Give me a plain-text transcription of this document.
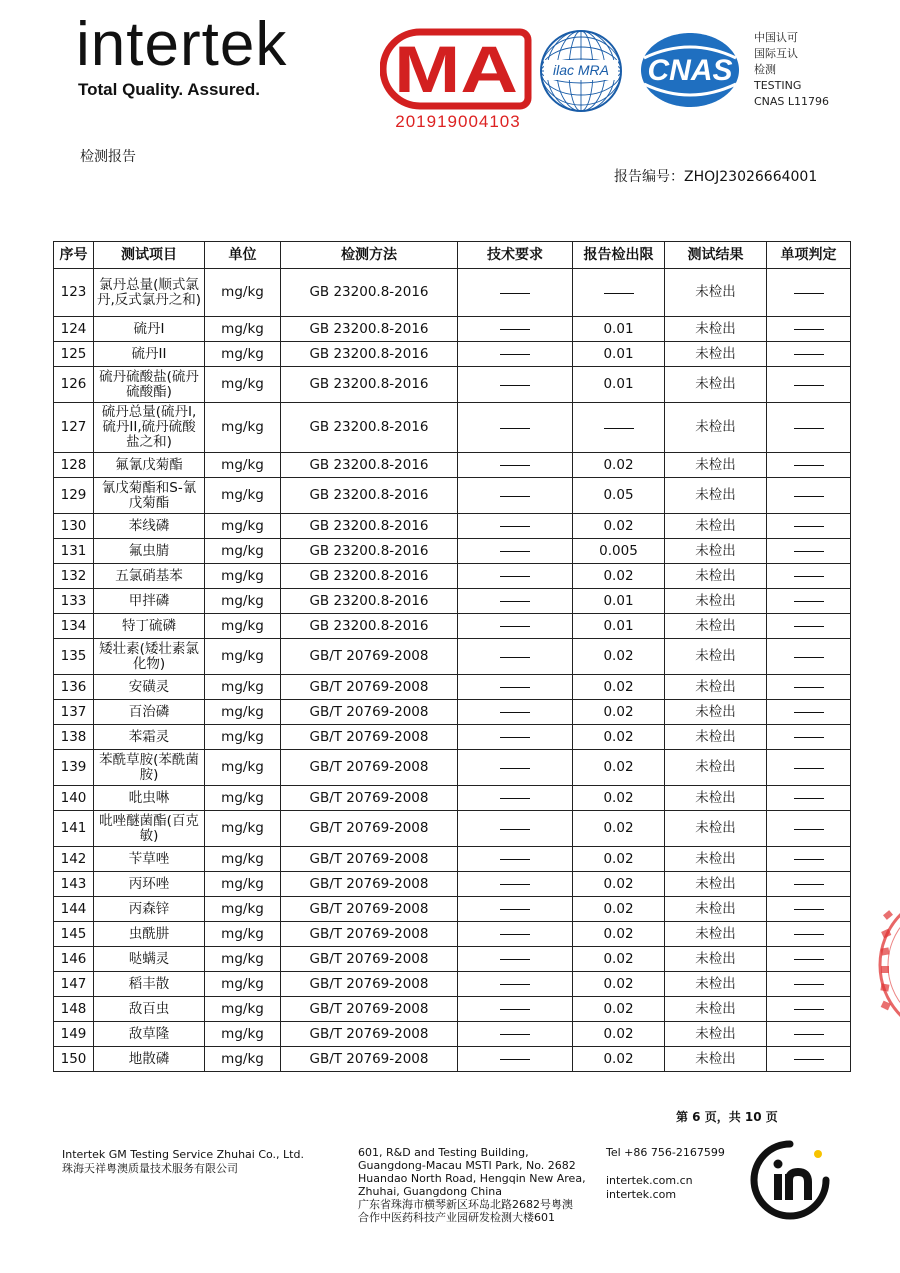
intertek
Total Quality. Assured. MA
201919004103
ilac MRA CNAS
中国认可
国际互认
检测
TESTING
CNAS L11796
检测报告
报告编号：ZHOJ23026664001
序号	测试项目	单位	检测方法	技术要求	报告检出限	测试结果	单项判定
123	氯丹总量(顺式氯丹,反式氯丹之和)	mg/kg	GB 23200.8-2016			未检出	
124	硫丹I	mg/kg	GB 23200.8-2016		0.01	未检出	
125	硫丹II	mg/kg	GB 23200.8-2016		0.01	未检出	
126	硫丹硫酸盐(硫丹硫酸酯)	mg/kg	GB 23200.8-2016		0.01	未检出	
127	硫丹总量(硫丹I,硫丹II,硫丹硫酸盐之和)	mg/kg	GB 23200.8-2016			未检出	
128	氟氰戊菊酯	mg/kg	GB 23200.8-2016		0.02	未检出	
129	氰戊菊酯和S-氰戊菊酯	mg/kg	GB 23200.8-2016		0.05	未检出	
130	苯线磷	mg/kg	GB 23200.8-2016		0.02	未检出	
131	氟虫腈	mg/kg	GB 23200.8-2016		0.005	未检出	
132	五氯硝基苯	mg/kg	GB 23200.8-2016		0.02	未检出	
133	甲拌磷	mg/kg	GB 23200.8-2016		0.01	未检出	
134	特丁硫磷	mg/kg	GB 23200.8-2016		0.01	未检出	
135	矮壮素(矮壮素氯化物)	mg/kg	GB/T 20769-2008		0.02	未检出	
136	安磺灵	mg/kg	GB/T 20769-2008		0.02	未检出	
137	百治磷	mg/kg	GB/T 20769-2008		0.02	未检出	
138	苯霜灵	mg/kg	GB/T 20769-2008		0.02	未检出	
139	苯酰草胺(苯酰菌胺)	mg/kg	GB/T 20769-2008		0.02	未检出	
140	吡虫啉	mg/kg	GB/T 20769-2008		0.02	未检出	
141	吡唑醚菌酯(百克敏)	mg/kg	GB/T 20769-2008		0.02	未检出	
142	苄草唑	mg/kg	GB/T 20769-2008		0.02	未检出	
143	丙环唑	mg/kg	GB/T 20769-2008		0.02	未检出	
144	丙森锌	mg/kg	GB/T 20769-2008		0.02	未检出	
145	虫酰肼	mg/kg	GB/T 20769-2008		0.02	未检出	
146	哒螨灵	mg/kg	GB/T 20769-2008		0.02	未检出	
147	稻丰散	mg/kg	GB/T 20769-2008		0.02	未检出	
148	敌百虫	mg/kg	GB/T 20769-2008		0.02	未检出	
149	敌草隆	mg/kg	GB/T 20769-2008		0.02	未检出	
150	地散磷	mg/kg	GB/T 20769-2008		0.02	未检出	
第 6 页，共 10 页
Intertek GM Testing Service Zhuhai Co., Ltd.
珠海天祥粤澳质量技术服务有限公司
601, R&D and Testing Building,
Guangdong-Macau MSTI Park, No. 2682
Huandao North Road, Hengqin New Area,
Zhuhai, Guangdong China
广东省珠海市横琴新区环岛北路2682号粤澳
合作中医药科技产业园研发检测大楼601
Tel +86 756-2167599
intertek.com.cn
intertek.com
